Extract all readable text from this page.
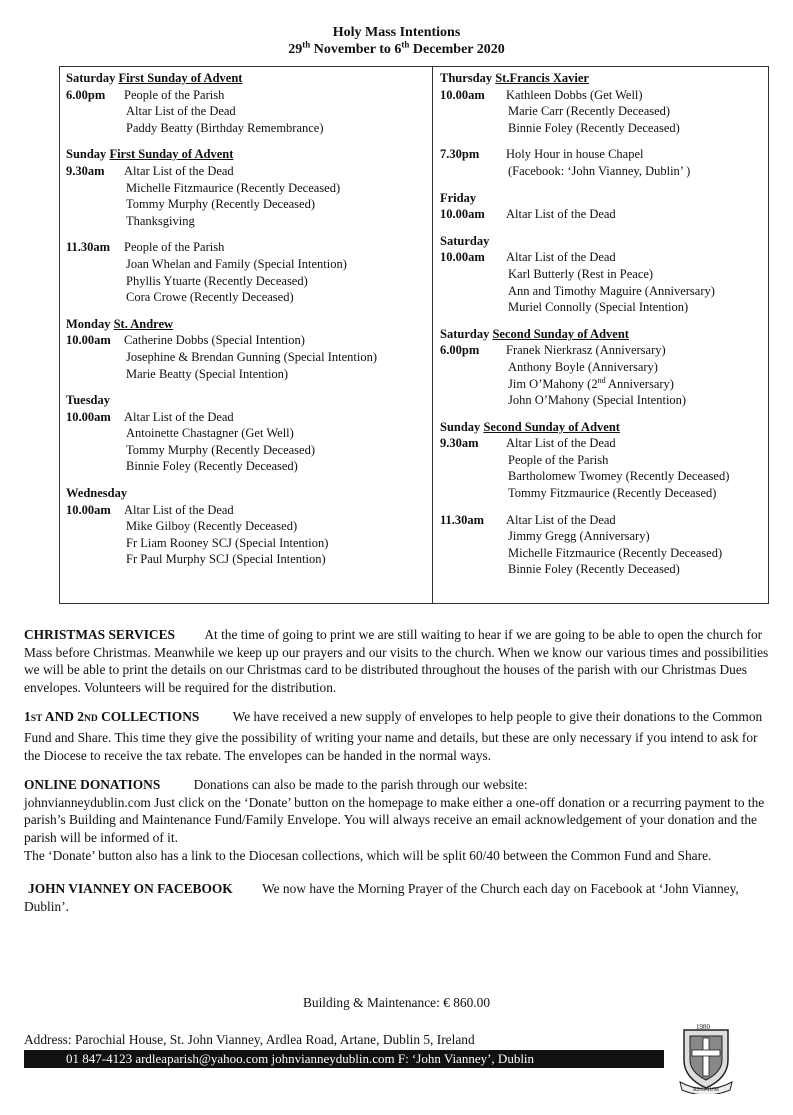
Holy Mass Intentions
29th November to 6th December 2020
Saturday First Sunday of Advent
6.00pm People of the Parish
Altar List of the Dead
Paddy Beatty (Birthday Remembrance)
Sunday First Sunday of Advent
9.30am Altar List of the Dead
Michelle Fitzmaurice (Recently Deceased)
Tommy Murphy (Recently Deceased)
Thanksgiving
11.30am People of the Parish
Joan Whelan and Family (Special Intention)
Phyllis Ytuarte (Recently Deceased)
Cora Crowe (Recently Deceased)
Monday St. Andrew
10.00am Catherine Dobbs (Special Intention)
Josephine & Brendan Gunning (Special Intention)
Marie Beatty (Special Intention)
Tuesday
10.00am Altar List of the Dead
Antoinette Chastagner (Get Well)
Tommy Murphy (Recently Deceased)
Binnie Foley (Recently Deceased)
Wednesday
10.00am Altar List of the Dead
Mike Gilboy (Recently Deceased)
Fr Liam Rooney SCJ (Special Intention)
Fr Paul Murphy SCJ (Special Intention)
Thursday St.Francis Xavier
10.00am Kathleen Dobbs (Get Well)
Marie Carr (Recently Deceased)
Binnie Foley (Recently Deceased)
7.30pm Holy Hour in house Chapel
(Facebook: ‘John Vianney, Dublin’ )
Friday
10.00am Altar List of the Dead
Saturday
10.00am Altar List of the Dead
Karl Butterly (Rest in Peace)
Ann and Timothy Maguire (Anniversary)
Muriel Connolly (Special Intention)
Saturday Second Sunday of Advent
6.00pm Franek Nierkrasz (Anniversary)
Anthony Boyle (Anniversary)
Jim O’Mahony (2nd Anniversary)
John O’Mahony (Special Intention)
Sunday Second Sunday of Advent
9.30am Altar List of the Dead
People of the Parish
Bartholomew Twomey (Recently Deceased)
Tommy Fitzmaurice (Recently Deceased)
11.30am Altar List of the Dead
Jimmy Gregg (Anniversary)
Michelle Fitzmaurice (Recently Deceased)
Binnie Foley (Recently Deceased)

CHRISTMAS SERVICES At the time of going to print we are still waiting to hear if we are going to be able to open the church for Mass before Christmas. Meanwhile we keep up our prayers and our visits to the church. When we know our various times and possibilities we will be able to print the details on our Christmas card to be distributed throughout the houses of the parish with our Christmas Dues envelopes. Volunteers will be required for the distribution.

1ST AND 2ND COLLECTIONS We have received a new supply of envelopes to help people to give their donations to the Common Fund and Share. This time they give the possibility of writing your name and details, but these are only necessary if you intend to ask for the Diocese to receive the tax rebate. The envelopes can be handed in the normal ways.

ONLINE DONATIONS Donations can also be made to the parish through our website:
johnvianneydublin.com Just click on the ‘Donate’ button on the homepage to make either a one-off donation or a recurring payment to the parish’s Building and Maintenance Fund/Family Envelope. You will always receive an email acknowledgement of your donation and the parish will be informed of it.
The ‘Donate’ button also has a link to the Diocesan collections, which will be split 60/40 between the Common Fund and Share.

JOHN VIANNEY ON FACEBOOK We now have the Morning Prayer of the Church each day on Facebook at ‘John Vianney, Dublin’.

Building & Maintenance: € 860.00
Address: Parochial House, St. John Vianney, Ardlea Road, Artane, Dublin 5, Ireland
01 847-4123 ardleaparish@yahoo.com johnvianneydublin.com F: ‘John Vianney’, Dublin
1980
REGNUM
